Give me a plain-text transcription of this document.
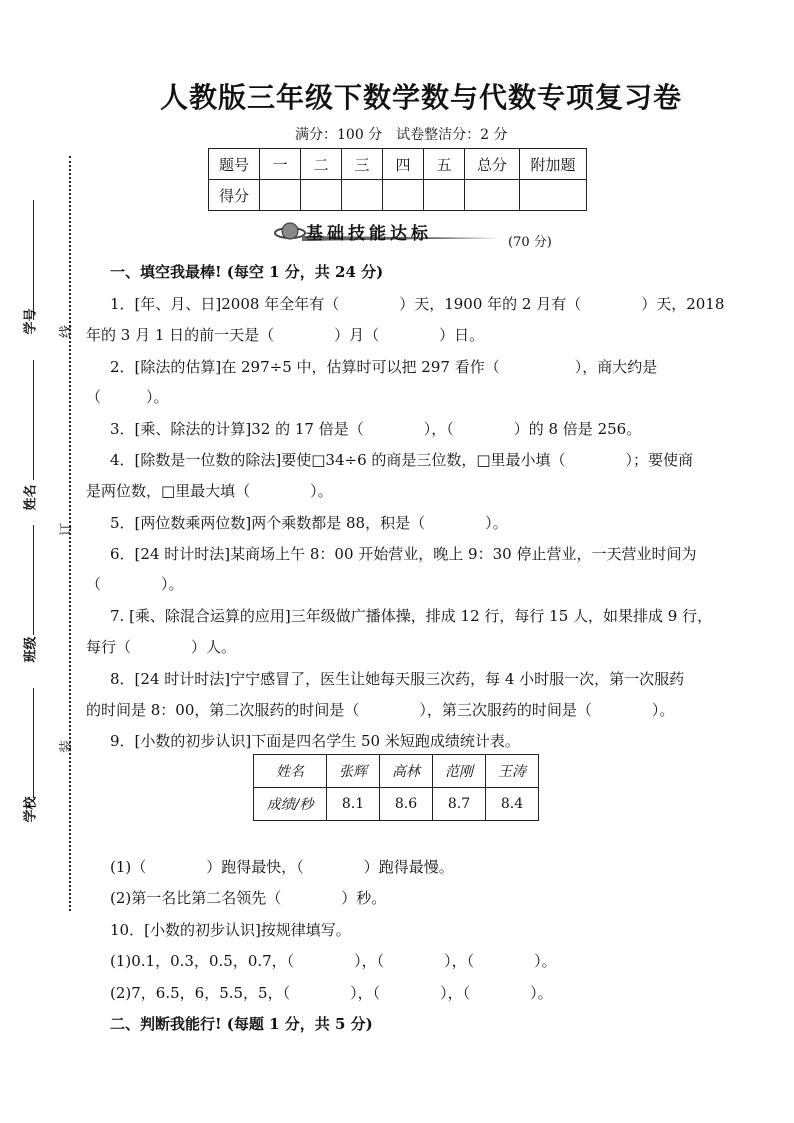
学号
姓名
班级
学校
线
订
装
人教版三年级下数学数与代数专项复习卷
满分：100 分　试卷整洁分：2 分
题号	一	二	三	四	五	总分	附加题
得分							
基础技能达标	(70 分)
一、填空我最棒! (每空 1 分，共 24 分)
1．[年、月、日]2008 年全年有（　　　　）天，1900 年的 2 月有（　　　　）天，2018
年的 3 月 1 日的前一天是（　　　　）月（　　　　）日。
2．[除法的估算]在 297÷5 中，估算时可以把 297 看作（　　　　　），商大约是
（　　　）。
3．[乘、除法的计算]32 的 17 倍是（　　　　），（　　　　）的 8 倍是 256。
4．[除数是一位数的除法]要使□34÷6 的商是三位数，□里最小填（　　　　）；要使商
是两位数，□里最大填（　　　　）。
5．[两位数乘两位数]两个乘数都是 88，积是（　　　　）。
6．[24 时计时法]某商场上午 8：00 开始营业，晚上 9：30 停止营业，一天营业时间为
（　　　　）。
7. [乘、除混合运算的应用]三年级做广播体操，排成 12 行，每行 15 人，如果排成 9 行，
每行（　　　　）人。
8．[24 时计时法]宁宁感冒了，医生让她每天服三次药，每 4 小时服一次，第一次服药
的时间是 8：00，第二次服药的时间是（　　　　），第三次服药的时间是（　　　　）。
9．[小数的初步认识]下面是四名学生 50 米短跑成绩统计表。
姓名	张辉	高林	范刚	王涛
成绩/秒	8.1	8.6	8.7	8.4
(1)（　　　　）跑得最快，（　　　　）跑得最慢。
(2)第一名比第二名领先（　　　　）秒。
10．[小数的初步认识]按规律填写。
(1)0.1，0.3，0.5，0.7，（　　　　），（　　　　），（　　　　）。
(2)7，6.5，6，5.5，5，（　　　　），（　　　　），（　　　　）。
二、判断我能行! (每题 1 分，共 5 分)
